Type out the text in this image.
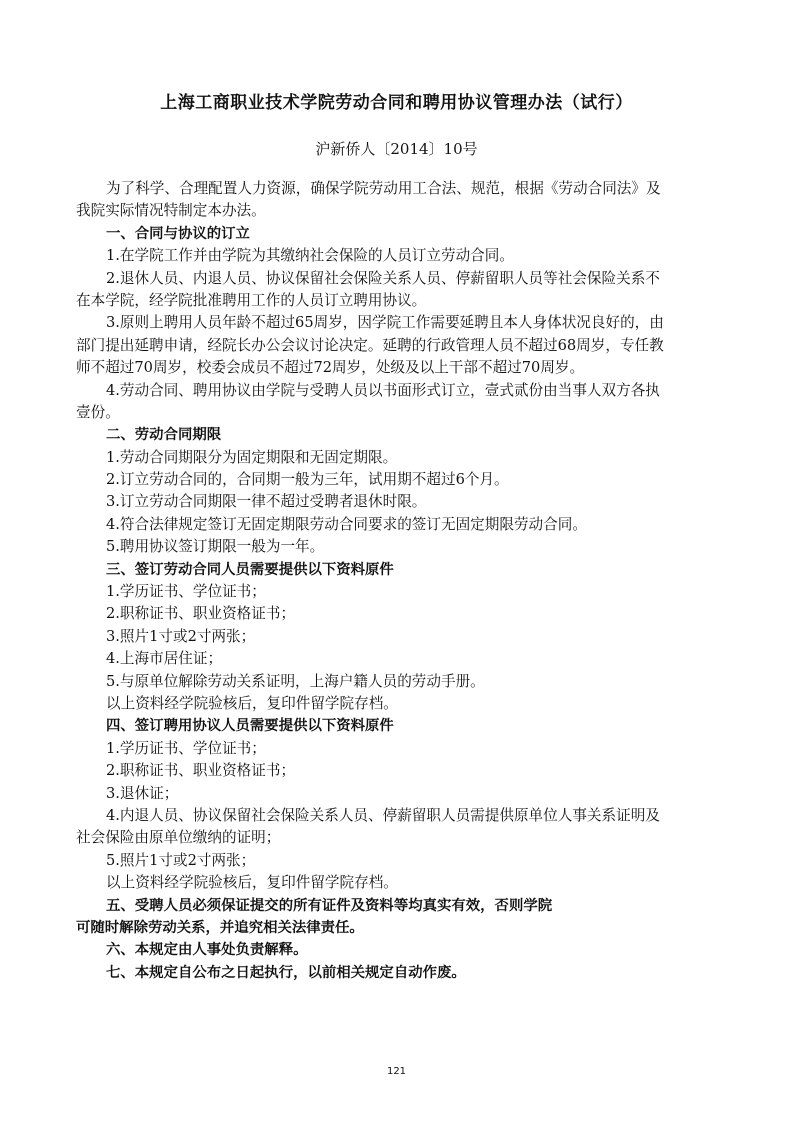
上海工商职业技术学院劳动合同和聘用协议管理办法（试行）
沪新侨人〔2014〕10号
为了科学、合理配置人力资源，确保学院劳动用工合法、规范，根据《劳动合同法》及
我院实际情况特制定本办法。
一、合同与协议的订立
1.在学院工作并由学院为其缴纳社会保险的人员订立劳动合同。
2.退休人员、内退人员、协议保留社会保险关系人员、停薪留职人员等社会保险关系不
在本学院，经学院批准聘用工作的人员订立聘用协议。
3.原则上聘用人员年龄不超过65周岁，因学院工作需要延聘且本人身体状况良好的，由
部门提出延聘申请，经院长办公会议讨论决定。延聘的行政管理人员不超过68周岁，专任教
师不超过70周岁，校委会成员不超过72周岁，处级及以上干部不超过70周岁。
4.劳动合同、聘用协议由学院与受聘人员以书面形式订立，壹式贰份由当事人双方各执
壹份。
二、劳动合同期限
1.劳动合同期限分为固定期限和无固定期限。
2.订立劳动合同的，合同期一般为三年，试用期不超过6个月。
3.订立劳动合同期限一律不超过受聘者退休时限。
4.符合法律规定签订无固定期限劳动合同要求的签订无固定期限劳动合同。
5.聘用协议签订期限一般为一年。
三、签订劳动合同人员需要提供以下资料原件
1.学历证书、学位证书；
2.职称证书、职业资格证书；
3.照片1寸或2寸两张；
4.上海市居住证；
5.与原单位解除劳动关系证明，上海户籍人员的劳动手册。
以上资料经学院验核后，复印件留学院存档。
四、签订聘用协议人员需要提供以下资料原件
1.学历证书、学位证书；
2.职称证书、职业资格证书；
3.退休证；
4.内退人员、协议保留社会保险关系人员、停薪留职人员需提供原单位人事关系证明及
社会保险由原单位缴纳的证明；
5.照片1寸或2寸两张；
以上资料经学院验核后，复印件留学院存档。
五、受聘人员必须保证提交的所有证件及资料等均真实有效，否则学院
可随时解除劳动关系，并追究相关法律责任。
六、本规定由人事处负责解释。
七、本规定自公布之日起执行，以前相关规定自动作废。
121
